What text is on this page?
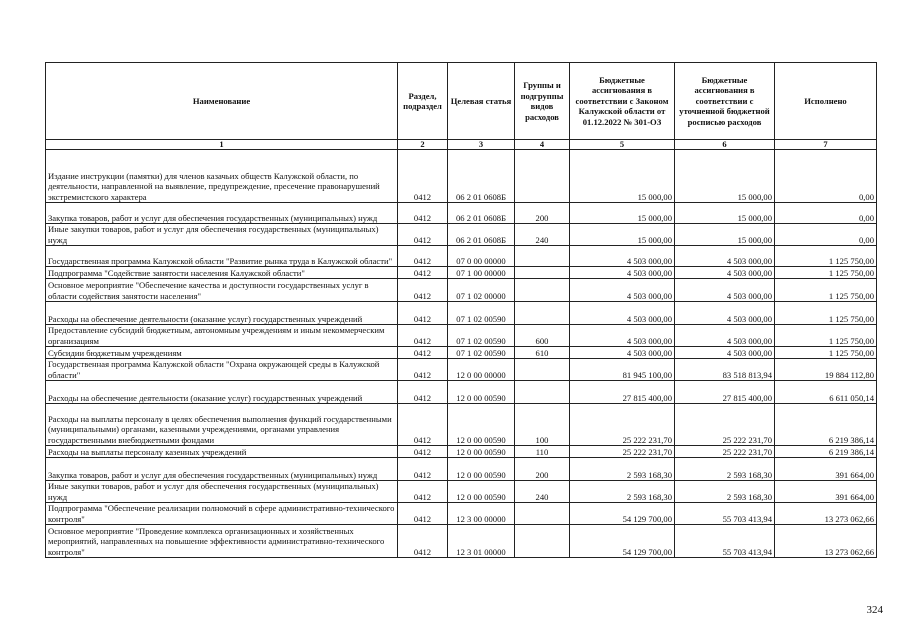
Наименование	Раздел, подраздел	Целевая статья	Группы и подгруппы видов расходов	Бюджетные ассигнования в соответствии с Законом Калужской области от 01.12.2022 № 301-ОЗ	Бюджетные ассигнования в соответствии с уточненной бюджетной росписью расходов	Исполнено
1	2	3	4	5	6	7
Издание инструкции (памятки) для членов казачьих обществ Калужской области, по деятельности, направленной на выявление, предупреждение, пресечение правонарушений экстремистского характера	0412	06 2 01 0608Б		15 000,00	15 000,00	0,00
Закупка товаров, работ и услуг для обеспечения государственных (муниципальных) нужд	0412	06 2 01 0608Б	200	15 000,00	15 000,00	0,00
Иные закупки товаров, работ и услуг для обеспечения государственных (муниципальных) нужд	0412	06 2 01 0608Б	240	15 000,00	15 000,00	0,00
Государственная программа Калужской области "Развитие рынка труда в Калужской области"	0412	07 0 00 00000		4 503 000,00	4 503 000,00	1 125 750,00
Подпрограмма "Содействие занятости населения Калужской области"	0412	07 1 00 00000		4 503 000,00	4 503 000,00	1 125 750,00
Основное мероприятие "Обеспечение качества и доступности государственных услуг в области содействия занятости населения"	0412	07 1 02 00000		4 503 000,00	4 503 000,00	1 125 750,00
Расходы на обеспечение деятельности (оказание услуг) государственных учреждений	0412	07 1 02 00590		4 503 000,00	4 503 000,00	1 125 750,00
Предоставление субсидий бюджетным, автономным учреждениям и иным некоммерческим организациям	0412	07 1 02 00590	600	4 503 000,00	4 503 000,00	1 125 750,00
Субсидии бюджетным учреждениям	0412	07 1 02 00590	610	4 503 000,00	4 503 000,00	1 125 750,00
Государственная программа Калужской области "Охрана окружающей среды в Калужской области"	0412	12 0 00 00000		81 945 100,00	83 518 813,94	19 884 112,80
Расходы на обеспечение деятельности (оказание услуг) государственных учреждений	0412	12 0 00 00590		27 815 400,00	27 815 400,00	6 611 050,14
Расходы на выплаты персоналу в целях обеспечения выполнения функций государственными (муниципальными) органами, казенными учреждениями, органами управления государственными внебюджетными фондами	0412	12 0 00 00590	100	25 222 231,70	25 222 231,70	6 219 386,14
Расходы на выплаты персоналу казенных учреждений	0412	12 0 00 00590	110	25 222 231,70	25 222 231,70	6 219 386,14
Закупка товаров, работ и услуг для обеспечения государственных (муниципальных) нужд	0412	12 0 00 00590	200	2 593 168,30	2 593 168,30	391 664,00
Иные закупки товаров, работ и услуг для обеспечения государственных (муниципальных) нужд	0412	12 0 00 00590	240	2 593 168,30	2 593 168,30	391 664,00
Подпрограмма "Обеспечение реализации полномочий в сфере административно-технического контроля"	0412	12 3 00 00000		54 129 700,00	55 703 413,94	13 273 062,66
Основное мероприятие "Проведение комплекса организационных и хозяйственных мероприятий, направленных на повышение эффективности административно-технического контроля"	0412	12 3 01 00000		54 129 700,00	55 703 413,94	13 273 062,66
324
